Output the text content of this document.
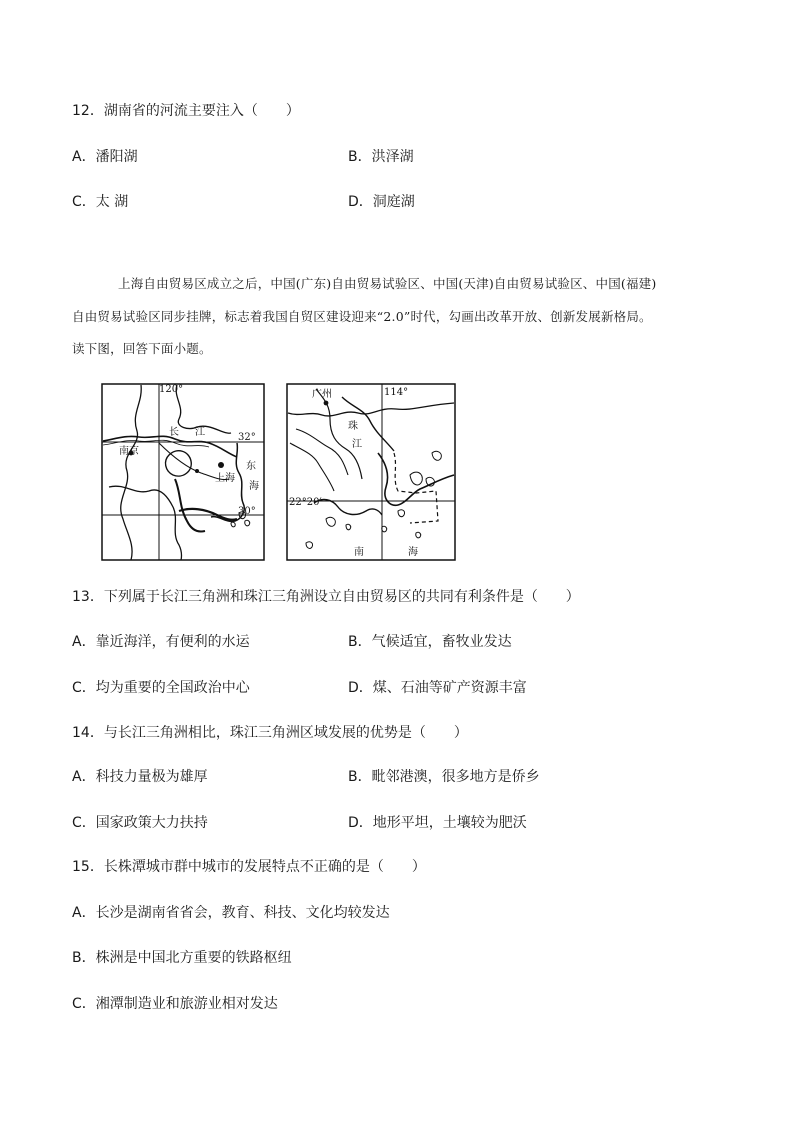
12．湖南省的河流主要注入（　　）
A．潘阳湖	B．洪泽湖
C．太 湖	D．洞庭湖
上海自由贸易区成立之后，中国(广东)自由贸易试验区、中国(天津)自由贸易试验区、中国(福建)
自由贸易试验区同步挂牌，标志着我国自贸区建设迎来“2.0”时代，勾画出改革开放、创新发展新格局。
读下图，回答下面小题。
120°
长 江
南京
上海
东
海
32°
30°
广州	114°
珠
江
22°20′
南	海
13．下列属于长江三角洲和珠江三角洲设立自由贸易区的共同有利条件是（　　）
A．靠近海洋，有便利的水运	B．气候适宜，畜牧业发达
C．均为重要的全国政治中心	D．煤、石油等矿产资源丰富
14．与长江三角洲相比，珠江三角洲区域发展的优势是（　　）
A．科技力量极为雄厚	B．毗邻港澳，很多地方是侨乡
C．国家政策大力扶持	D．地形平坦，土壤较为肥沃
15．长株潭城市群中城市的发展特点不正确的是（　　）
A．长沙是湖南省省会，教育、科技、文化均较发达
B．株洲是中国北方重要的铁路枢纽
C．湘潭制造业和旅游业相对发达
